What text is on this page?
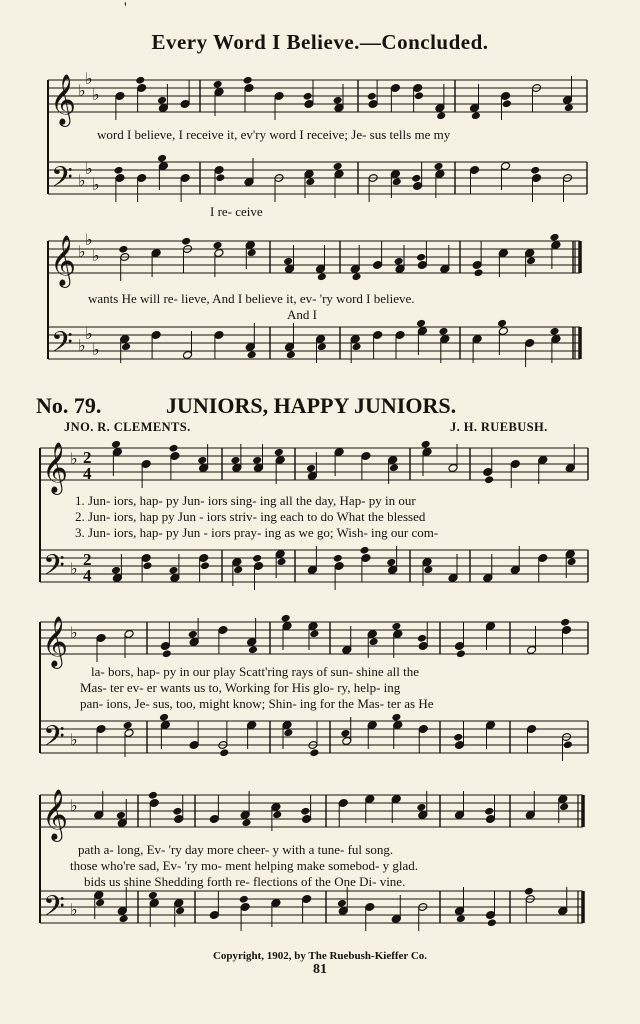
'
Every Word I Believe.—Concluded.
𝄞
𝄢
♭
♭
♭
♭
♭
♭
𝄞
𝄢
♭
♭
♭
♭
♭
♭
𝄞
𝄢
♭
♭
2
4
2
4
𝄞
𝄢
♭
♭
𝄞
𝄢
♭
♭
word I believe, I receive it, ev'ry word I receive; Je- sus tells me my
I re- ceive
wants He will re- lieve, And I believe it, ev- 'ry word I believe.
And I
No. 79.	JUNIORS, HAPPY JUNIORS.
JNO. R. CLEMENTS.	J. H. RUEBUSH.
1. Jun- iors, hap- py Jun- iors sing- ing all the day, Hap- py in our
2. Jun- iors, hap py Jun - iors striv- ing each to do What the blessed
3. Jun- iors, hap- py Jun - iors pray- ing as we go; Wish- ing our com-
la- bors, hap- py in our play Scatt'ring rays of sun- shine all the
Mas- ter ev- er wants us to, Working for His glo- ry, help- ing
pan- ions, Je- sus, too, might know; Shin- ing for the Mas- ter as He
path a- long, Ev- 'ry day more cheer- y with a tune- ful song.
those who're sad, Ev- 'ry mo- ment helping make somebod- y glad.
bids us shine Shedding forth re- flections of the One Di- vine.
Copyright, 1902, by The Ruebush-Kieffer Co.
81
